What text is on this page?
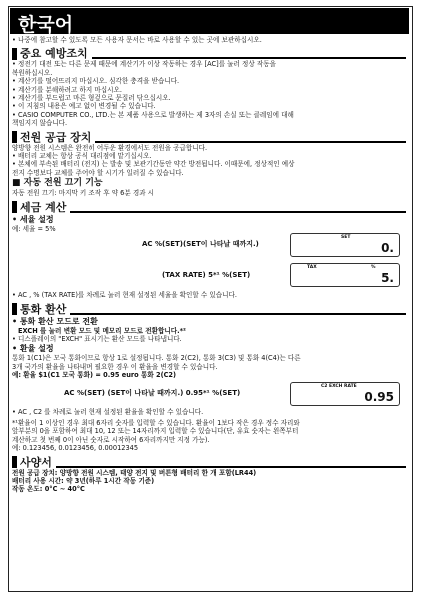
한국어
• 나중에 참고할 수 있도록 모든 사용자 문서는 바로 사용할 수 있는 곳에 보관하십시오.
중요 예방조치
• 정전기 대전 또는 다른 문제 때문에 계산기가 이상 작동하는 경우 [AC]를 눌러 정상 작동을
복원하십시오.
• 계산기를 떨어뜨리지 마십시오. 심각한 충격을 받습니다.
• 계산기를 분해하려고 하지 마십시오.
• 계산기를 부드럽고 마른 형겊으로 문질러 닦으십시오.
• 이 지침의 내용은 예고 없이 변경될 수 있습니다.
• CASIO COMPUTER CO., LTD.는 본 제품 사용으로 발생하는 제 3자의 손실 또는 클레임에 대해
책임지지 않습니다.
전원 공급 장치
양방향 전원 시스템은 완전히 어두운 환경에서도 전원을 공급합니다.
• 배터리 교체는 항상 공식 대리점에 맡기십시오.
• 본체에 부속된 배터리 (전지) 는 발송 및 보관기간동안 약간 방전됩니다. 이때문에, 정상적인 예상
전지 수명보다 교체를 주어야 할 시기가 일러질 수 있습니다.
■ 자동 전원 끄기 기능
자동 전원 끄기: 마지막 키 조작 후 약 6분 경과 시
세금 계산
• 세율 설정
예: 세율 = 5%
AC %(SET)(SET이 나타날 때까지.)
SET
0.
(TAX RATE) 5*¹ %(SET)
TAX	%
5.
• AC , % (TAX RATE)를 차례로 눌러 현재 설정된 세율을 확인할 수 있습니다.
통화 환산
• 통화 환산 모드로 전환
EXCH 를 눌러 변환 모드 및 메모리 모드로 전환합니다.*²
• 디스플레이의 "EXCH" 표시기는 환산 모드를 나타냅니다.
• 환율 설정
통화 1(C1)은 모국 통화이므로 항상 1로 설정됩니다. 통화 2(C2), 통화 3(C3) 및 통화 4(C4)는 다른
3개 국가의 환율을 나타내며 필요한 경우 이 환율을 변경할 수 있습니다.
예: 환율 $1(C1 모국 통화) = 0.95 euro 통화 2(C2)
AC %(SET) (SET이 나타날 때까지.) 0.95*¹ %(SET)
C2 EXCH RATE
0.95
• AC , C2 를 차례로 눌러 현재 설정된 환율을 확인할 수 있습니다.
*¹환율이 1 이상인 경우 최대 6자리 숫자를 입력할 수 있습니다. 환율이 1보다 작은 경우 정수 자리와
앞부분의 0을 포함하여 최대 10, 12 또는 14자리까지 입력할 수 있습니다(단, 유효 숫자는 왼쪽부터
계산하고 첫 번째 0이 아닌 숫자로 시작하여 6자리까지만 지정 가능).
예: 0.123456, 0.0123456, 0.00012345
사양서
전원 공급 장치: 양방향 전원 시스템, 태양 전지 및 버튼형 배터리 한 개 포함(LR44)
배터리 사용 시간: 약 3년(하루 1시간 작동 기준)
작동 온도: 0°C ~ 40°C
